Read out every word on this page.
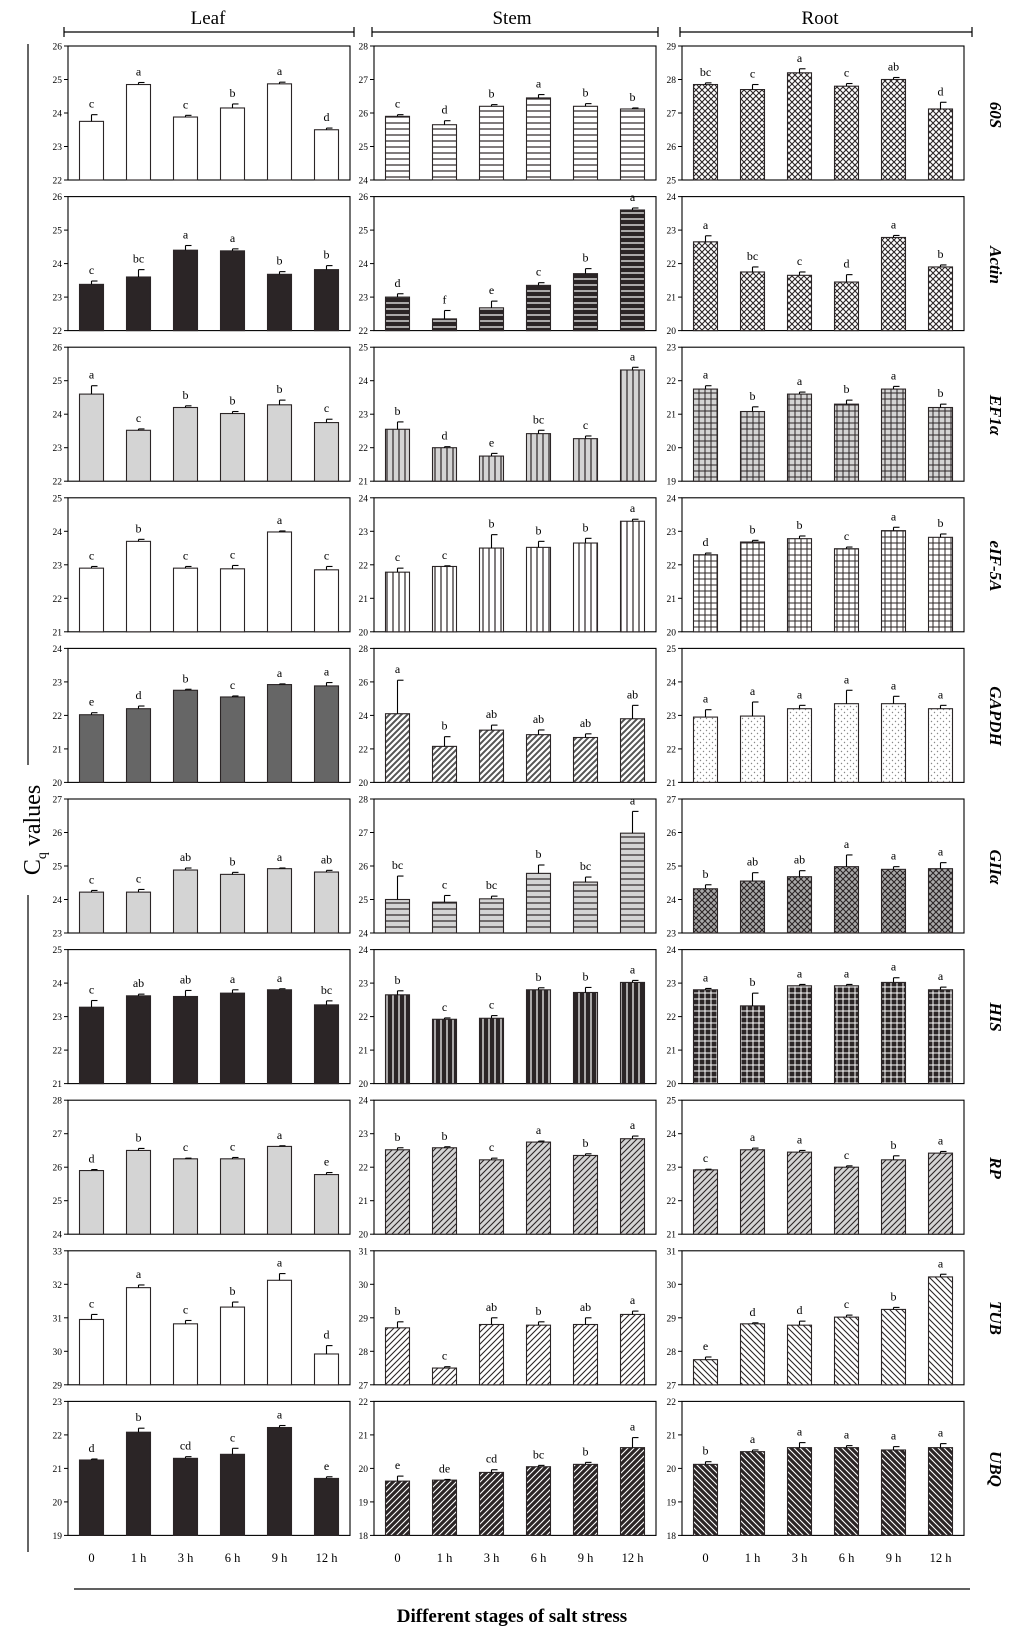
Leaf	Stem	Root
$C_q$ values
60S
Actin
EF1α
eIF-5A
GAPDH
GIIα
HIS
RP
TUB
UBQ
22
23
24
25
26
c
a
c
b
a
d
24
25
26
27
28
c	d
b
a
b	b
25
26
27
28
29
bc	c
a
c	ab
d
22
23
24
25
26
c
bc
a	a
b	b
22
23
24
25
26
d
f
e
c
b
a
20
21
22
23
24
a
bc	c	d
a
b
22
23
24
25
26
a
c
b	b
b
c
21
22
23
24
25
b
d	e
bc	c
a
19
20
21
22
23
a
b
a
b
a
b
21
22
23
24
25
c
b
c	c
a
c
20
21
22
23
24
c	c
b	b	b
a
20
21
22
23
24
d
b	b
c
a	b
20
21
22
23
24
e	d
b	c
a	a
20
22
24
26
28
a
b
ab	ab	ab
ab
21
22
23
24
25
a
a	a
a	a
a
23
24
25
26
27
c	c
ab	b	a	ab
24
25
26
27
28
bc
c	bc
b
bc
a
23
24
25
26
27
b
ab	ab
a
a	a
21
22
23
24
25
c	ab	ab	a	a
bc
20
21
22
23
24
b
c	c
b	b
a
20
21
22
23
24
a	b
a	a	a
a
24
25
26
27
28
d
b
c	c
a
e
20
21
22
23
24
b	b
c
a
b
a
21
22
23
24
25
c
a	a
c
b	a
29
30
31
32
33
c
a
c
b
a
d
27
28
29
30
31
b
c
ab	b	ab	a
27
28
29
30
31
e
d	d	c
b
a
19
20
21
22
23
d
b
cd
c
a
e
18
19
20
21
22
e	de
cd	bc	b
a
18
19
20
21
22
b
a
a	a	a	a
0	1 h	3 h	6 h	9 h 12 h	0	1 h	3 h	6 h	9 h 12 h	0	1 h	3 h	6 h	9 h 12 h
Different stages of salt stress
